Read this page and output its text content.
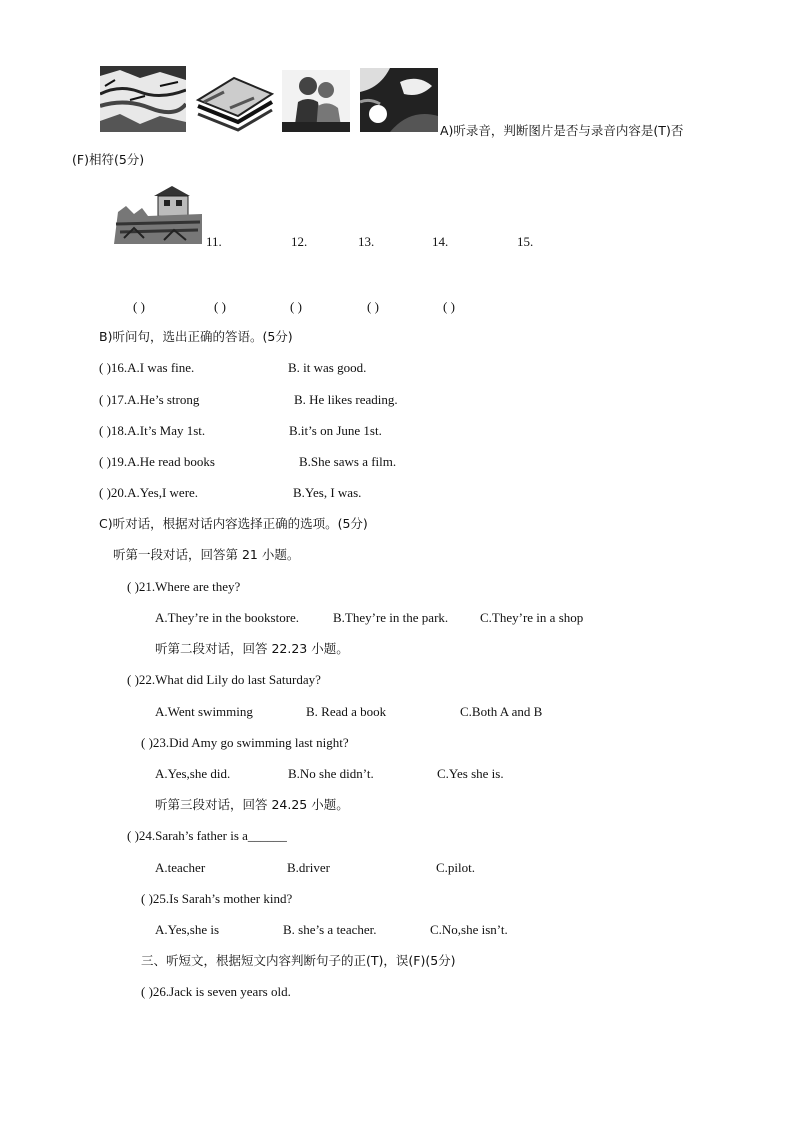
A)听录音，判断图片是否与录音内容是(T)否
(F)相符(5分)
11.	12.	13.	14.	15.
( )	( )	( )	( )	( )
B)听问句，选出正确的答语。(5分)
( )16.A.I was fine.	B. it was good.
( )17.A.He’s strong	B. He likes reading.
( )18.A.It’s May 1st.	B.it’s on June 1st.
( )19.A.He read books	B.She saws a film.
( )20.A.Yes,I were.	B.Yes, I was.
C)听对话，根据对话内容选择正确的选项。(5分)
听第一段对话，回答第 21 小题。
( )21.Where are they?
A.They’re in the bookstore.	B.They’re in the park. C.They’re in a shop
听第二段对话，回答 22.23 小题。
( )22.What did Lily do last Saturday?
A.Went swimming	B. Read a book	C.Both A and B
( )23.Did Amy go swimming last night?
A.Yes,she did.	B.No she didn’t.	C.Yes she is.
听第三段对话，回答 24.25 小题。
( )24.Sarah’s father is a______
A.teacher	B.driver	C.pilot.
( )25.Is Sarah’s mother kind?
A.Yes,she is	B. she’s a teacher.	C.No,she isn’t.
三、听短文，根据短文内容判断句子的正(T)，误(F)(5分)
( )26.Jack is seven years old.
